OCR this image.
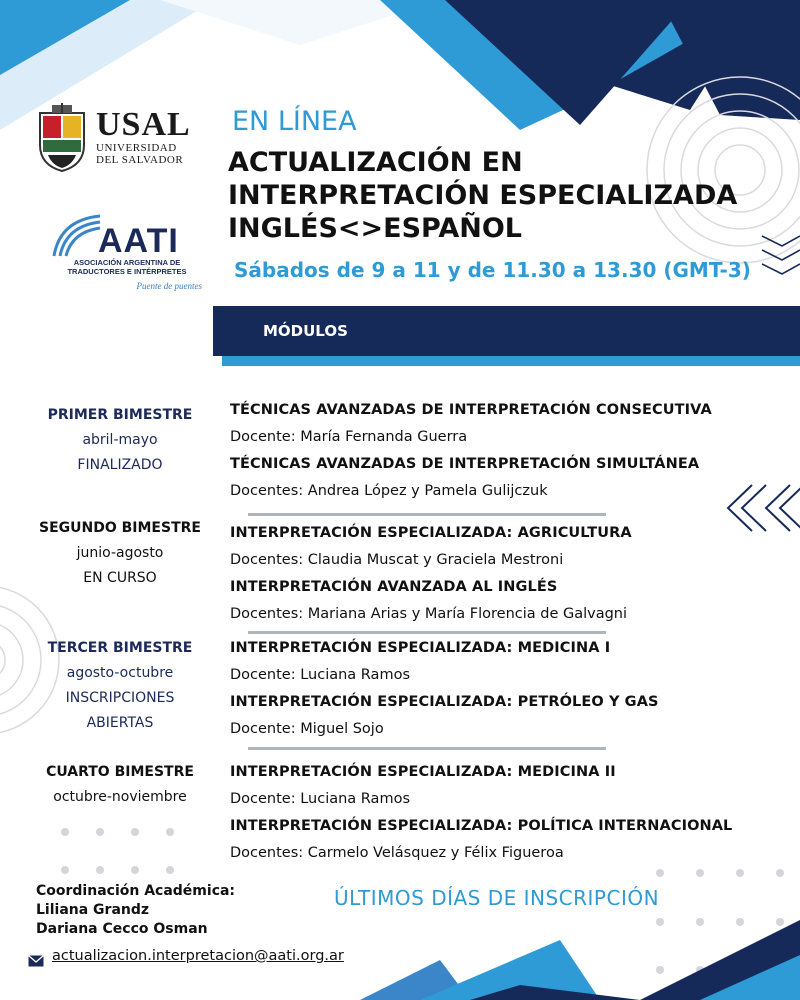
USAL
UNIVERSIDAD
DEL SALVADOR
AATI
ASOCIACIÓN ARGENTINA DE
TRADUCTORES E INTÉRPRETES
Puente de puentes
EN LÍNEA
ACTUALIZACIÓN EN
INTERPRETACIÓN ESPECIALIZADA
INGLÉS<>ESPAÑOL
Sábados de 9 a 11 y de 11.30 a 13.30 (GMT-3)
MÓDULOS
PRIMER BIMESTRE
abril-mayo
FINALIZADO
TÉCNICAS AVANZADAS DE INTERPRETACIÓN CONSECUTIVA
Docente: María Fernanda Guerra
TÉCNICAS AVANZADAS DE INTERPRETACIÓN SIMULTÁNEA
Docentes: Andrea López y Pamela Gulijczuk
SEGUNDO BIMESTRE
junio-agosto
EN CURSO
INTERPRETACIÓN ESPECIALIZADA: AGRICULTURA
Docentes: Claudia Muscat y Graciela Mestroni
INTERPRETACIÓN AVANZADA AL INGLÉS
Docentes: Mariana Arias y María Florencia de Galvagni
TERCER BIMESTRE
agosto-octubre
INSCRIPCIONES
ABIERTAS
INTERPRETACIÓN ESPECIALIZADA: MEDICINA I
Docente: Luciana Ramos
INTERPRETACIÓN ESPECIALIZADA: PETRÓLEO Y GAS
Docente: Miguel Sojo
CUARTO BIMESTRE
octubre-noviembre
INTERPRETACIÓN ESPECIALIZADA: MEDICINA II
Docente: Luciana Ramos
INTERPRETACIÓN ESPECIALIZADA: POLÍTICA INTERNACIONAL
Docentes: Carmelo Velásquez y Félix Figueroa
Coordinación Académica:
Liliana Grandz
Dariana Cecco Osman
ÚLTIMOS DÍAS DE INSCRIPCIÓN
actualizacion.interpretacion@aati.org.ar
